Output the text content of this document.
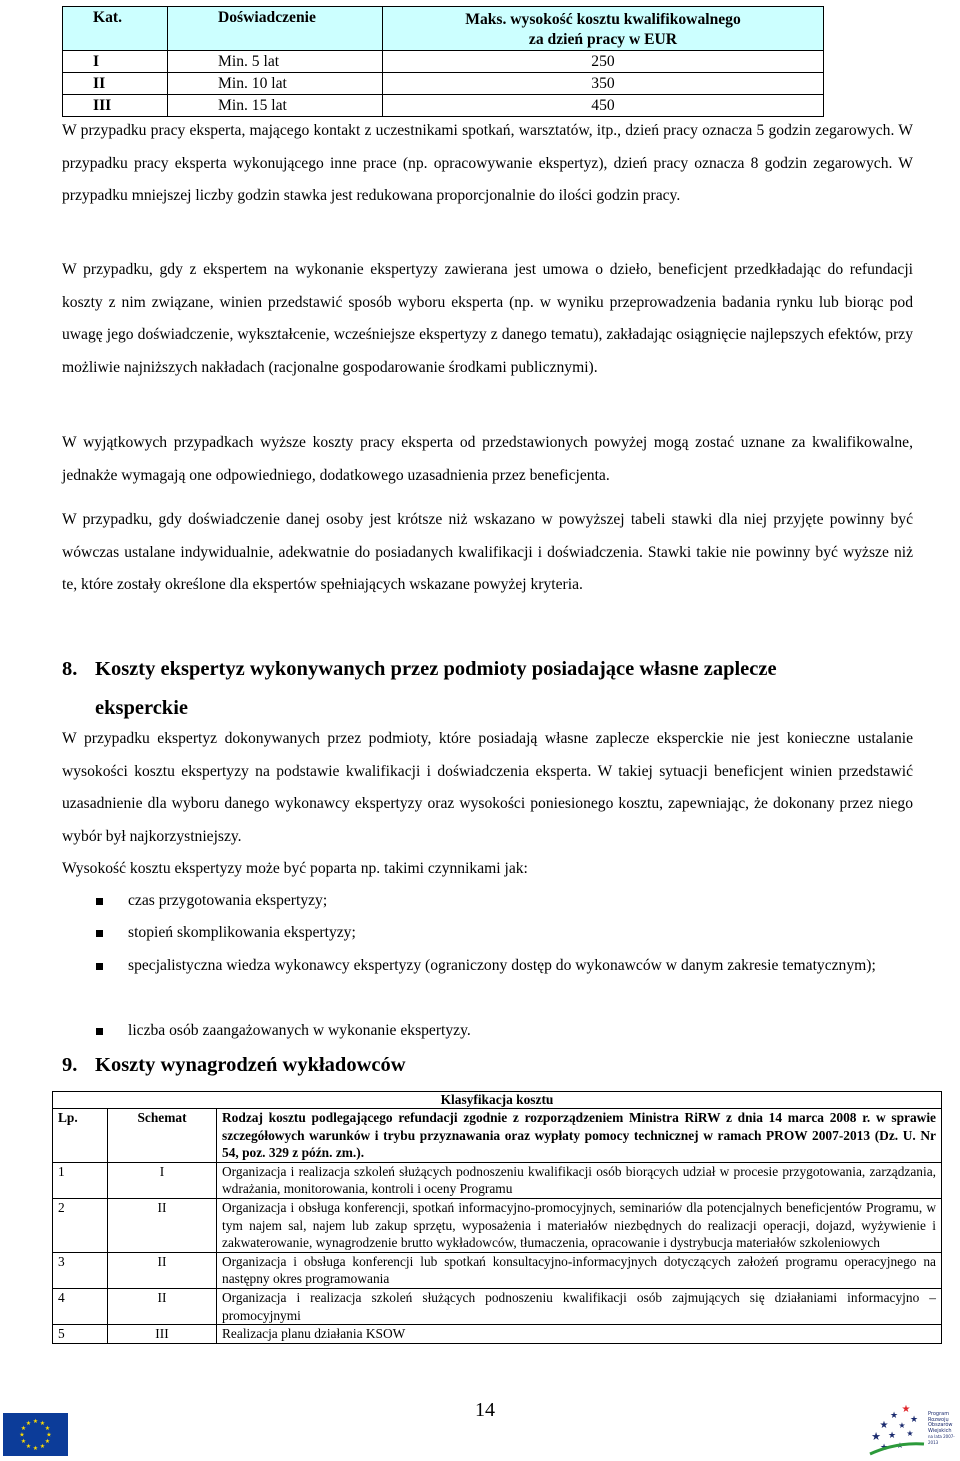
Kat.	Doświadczenie	Maks. wysokość kosztu kwalifikowalnego
za dzień pracy w EUR
I	Min. 5 lat	250
II	Min. 10 lat	350
III	Min. 15 lat	450

W przypadku pracy eksperta, mającego kontakt z uczestnikami spotkań, warsztatów, itp., dzień pracy oznacza 5 godzin zegarowych. W przypadku pracy eksperta wykonującego inne prace (np. opracowywanie ekspertyz), dzień pracy oznacza 8 godzin zegarowych. W przypadku mniejszej liczby godzin stawka jest redukowana proporcjonalnie do ilości godzin pracy.

W przypadku, gdy z ekspertem na wykonanie ekspertyzy zawierana jest umowa o dzieło, beneficjent przedkładając do refundacji koszty z nim związane, winien przedstawić sposób wyboru eksperta (np. w wyniku przeprowadzenia badania rynku lub biorąc pod uwagę jego doświadczenie, wykształcenie, wcześniejsze ekspertyzy z danego tematu), zakładając osiągnięcie najlepszych efektów, przy możliwie najniższych nakładach (racjonalne gospodarowanie środkami publicznymi).

W wyjątkowych przypadkach wyższe koszty pracy eksperta od przedstawionych powyżej mogą zostać uznane za kwalifikowalne, jednakże wymagają one odpowiedniego, dodatkowego uzasadnienia przez beneficjenta.

W przypadku, gdy doświadczenie danej osoby jest krótsze niż wskazano w powyższej tabeli stawki dla niej przyjęte powinny być wówczas ustalane indywidualnie, adekwatnie do posiadanych kwalifikacji i doświadczenia. Stawki takie nie powinny być wyższe niż te, które zostały określone dla ekspertów spełniających wskazane powyżej kryteria.

8. Koszty ekspertyz wykonywanych przez podmioty posiadające własne zaplecze
eksperckie

W przypadku ekspertyz dokonywanych przez podmioty, które posiadają własne zaplecze eksperckie nie jest konieczne ustalanie wysokości kosztu ekspertyzy na podstawie kwalifikacji i doświadczenia eksperta. W takiej sytuacji beneficjent winien przedstawić uzasadnienie dla wyboru danego wykonawcy ekspertyzy oraz wysokości poniesionego kosztu, zapewniając, że dokonany przez niego wybór był najkorzystniejszy.

Wysokość kosztu ekspertyzy może być poparta np. takimi czynnikami jak:

czas przygotowania ekspertyzy;
stopień skomplikowania ekspertyzy;
specjalistyczna wiedza wykonawcy ekspertyzy (ograniczony dostęp do wykonawców w danym zakresie tematycznym);
liczba osób zaangażowanych w wykonanie ekspertyzy.
9. Koszty wynagrodzeń wykładowców
Klasyfikacja kosztu		
Lp.	Schemat	Rodzaj kosztu podlegającego refundacji zgodnie z rozporządzeniem Ministra RiRW z dnia 14 marca 2008 r. w sprawie szczegółowych warunków i trybu przyznawania oraz wypłaty pomocy technicznej w ramach PROW 2007-2013 (Dz. U. Nr 54, poz. 329 z późn. zm.).
1	I	Organizacja i realizacja szkoleń służących podnoszeniu kwalifikacji osób biorących udział w procesie przygotowania, zarządzania, wdrażania, monitorowania, kontroli i oceny Programu
2	II	Organizacja i obsługa konferencji, spotkań informacyjno-promocyjnych, seminariów dla potencjalnych beneficjentów Programu, w tym najem sal, najem lub zakup sprzętu, wyposażenia i materiałów niezbędnych do realizacji operacji, dojazd, wyżywienie i zakwaterowanie, wynagrodzenie brutto wykładowców, tłumaczenia, opracowanie i dystrybucja materiałów szkoleniowych
3	II	Organizacja i obsługa konferencji lub spotkań konsultacyjno-informacyjnych dotyczących założeń programu operacyjnego na następny okres programowania
4	II	Organizacja i realizacja szkoleń służących podnoszeniu kwalifikacji osób zajmujących się działaniami informacyjno – promocyjnymi
5	III	Realizacja planu działania KSOW
14
★ ★
★
★
★
★
★
★
★
★
★
★
★
★ ★
★ ★
★ ★ ★
★ ★
Program
Rozwoju
Obszarów
Wiejskich
na lata 2007-2013
